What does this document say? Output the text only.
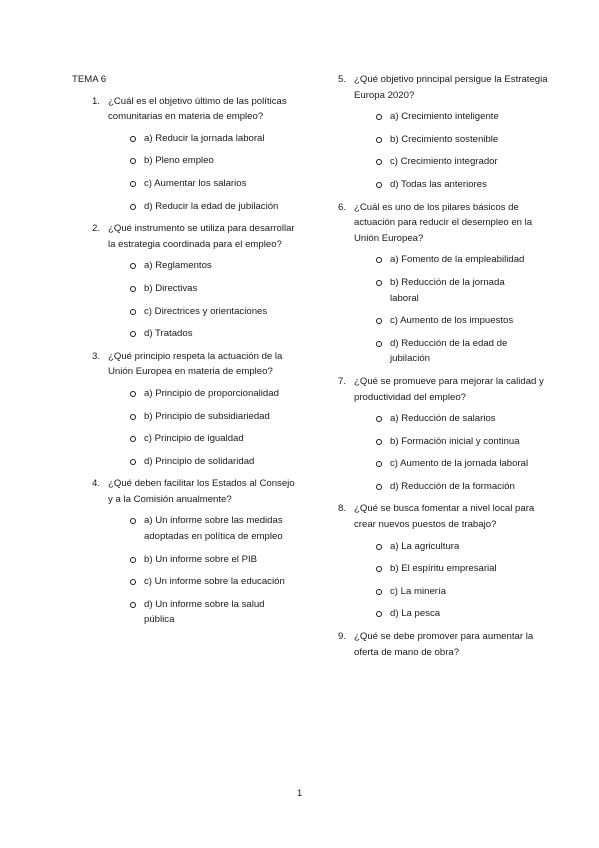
TEMA 6
1. ¿Cuál es el objetivo último de las políticas comunitarias en materia de empleo?
a) Reducir la jornada laboral
b) Pleno empleo
c) Aumentar los salarios
d) Reducir la edad de jubilación
2. ¿Qué instrumento se utiliza para desarrollar la estrategia coordinada para el empleo?
a) Reglamentos
b) Directivas
c) Directrices y orientaciones
d) Tratados
3. ¿Qué principio respeta la actuación de la Unión Europea en materia de empleo?
a) Principio de proporcionalidad
b) Principio de subsidiariedad
c) Principio de igualdad
d) Principio de solidaridad
4. ¿Qué deben facilitar los Estados al Consejo y a la Comisión anualmente?
a) Un informe sobre las medidas adoptadas en política de empleo
b) Un informe sobre el PIB
c) Un informe sobre la educación
d) Un informe sobre la salud pública
5. ¿Qué objetivo principal persigue la Estrategia Europa 2020?
a) Crecimiento inteligente
b) Crecimiento sostenible
c) Crecimiento integrador
d) Todas las anteriores
6. ¿Cuál es uno de los pilares básicos de actuación para reducir el desempleo en la Unión Europea?
a) Fomento de la empleabilidad
b) Reducción de la jornada laboral
c) Aumento de los impuestos
d) Reducción de la edad de jubilación
7. ¿Qué se promueve para mejorar la calidad y productividad del empleo?
a) Reducción de salarios
b) Formación inicial y continua
c) Aumento de la jornada laboral
d) Reducción de la formación
8. ¿Qué se busca fomentar a nivel local para crear nuevos puestos de trabajo?
a) La agricultura
b) El espíritu empresarial
c) La minería
d) La pesca
9. ¿Qué se debe promover para aumentar la oferta de mano de obra?
1
